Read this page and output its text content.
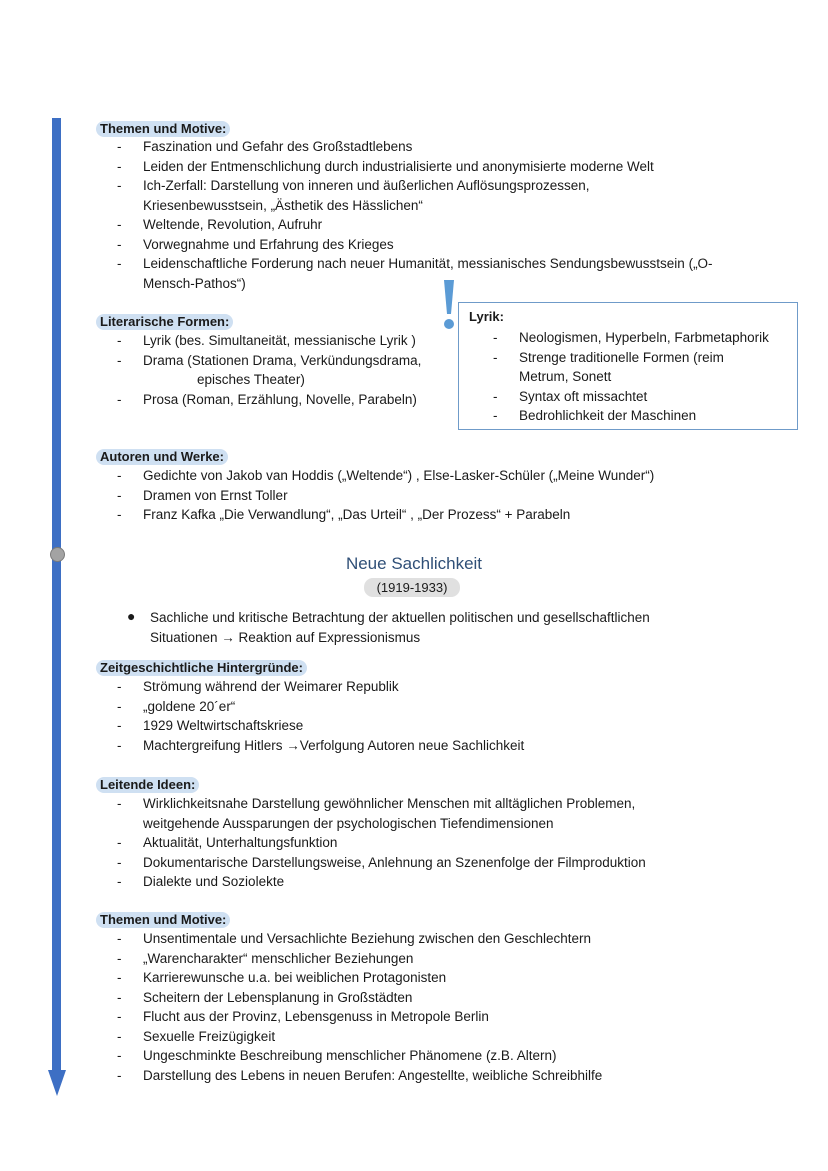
Themen und Motive:
- Faszination und Gefahr des Großstadtlebens
- Leiden der Entmenschlichung durch industrialisierte und anonymisierte moderne Welt
- Ich-Zerfall: Darstellung von inneren und äußerlichen Auflösungsprozessen,
Kriesenbewusstsein, „Ästhetik des Hässlichen“
- Weltende, Revolution, Aufruhr
- Vorwegnahme und Erfahrung des Krieges
- Leidenschaftliche Forderung nach neuer Humanität, messianisches Sendungsbewusstsein („O-
Mensch-Pathos“)
Literarische Formen:
- Lyrik (bes. Simultaneität, messianische Lyrik )
- Drama (Stationen Drama, Verkündungsdrama,
episches Theater)
- Prosa (Roman, Erzählung, Novelle, Parabeln)
Lyrik:
- Neologismen, Hyperbeln, Farbmetaphorik
- Strenge traditionelle Formen (reim
Metrum, Sonett
- Syntax oft missachtet
- Bedrohlichkeit der Maschinen
Autoren und Werke:
- Gedichte von Jakob van Hoddis („Weltende“) , Else-Lasker-Schüler („Meine Wunder“)
- Dramen von Ernst Toller
- Franz Kafka „Die Verwandlung“, „Das Urteil“ , „Der Prozess“ + Parabeln
Neue Sachlichkeit
(1919-1933)
● Sachliche und kritische Betrachtung der aktuellen politischen und gesellschaftlichen
Situationen → Reaktion auf Expressionismus
Zeitgeschichtliche Hintergründe:
- Strömung während der Weimarer Republik
- „goldene 20´er“
- 1929 Weltwirtschaftskriese
- Machtergreifung Hitlers →Verfolgung Autoren neue Sachlichkeit
Leitende Ideen:
- Wirklichkeitsnahe Darstellung gewöhnlicher Menschen mit alltäglichen Problemen,
weitgehende Aussparungen der psychologischen Tiefendimensionen
- Aktualität, Unterhaltungsfunktion
- Dokumentarische Darstellungsweise, Anlehnung an Szenenfolge der Filmproduktion
- Dialekte und Soziolekte
Themen und Motive:
- Unsentimentale und Versachlichte Beziehung zwischen den Geschlechtern
- „Warencharakter“ menschlicher Beziehungen
- Karrierewunsche u.a. bei weiblichen Protagonisten
- Scheitern der Lebensplanung in Großstädten
- Flucht aus der Provinz, Lebensgenuss in Metropole Berlin
- Sexuelle Freizügigkeit
- Ungeschminkte Beschreibung menschlicher Phänomene (z.B. Altern)
- Darstellung des Lebens in neuen Berufen: Angestellte, weibliche Schreibhilfe
